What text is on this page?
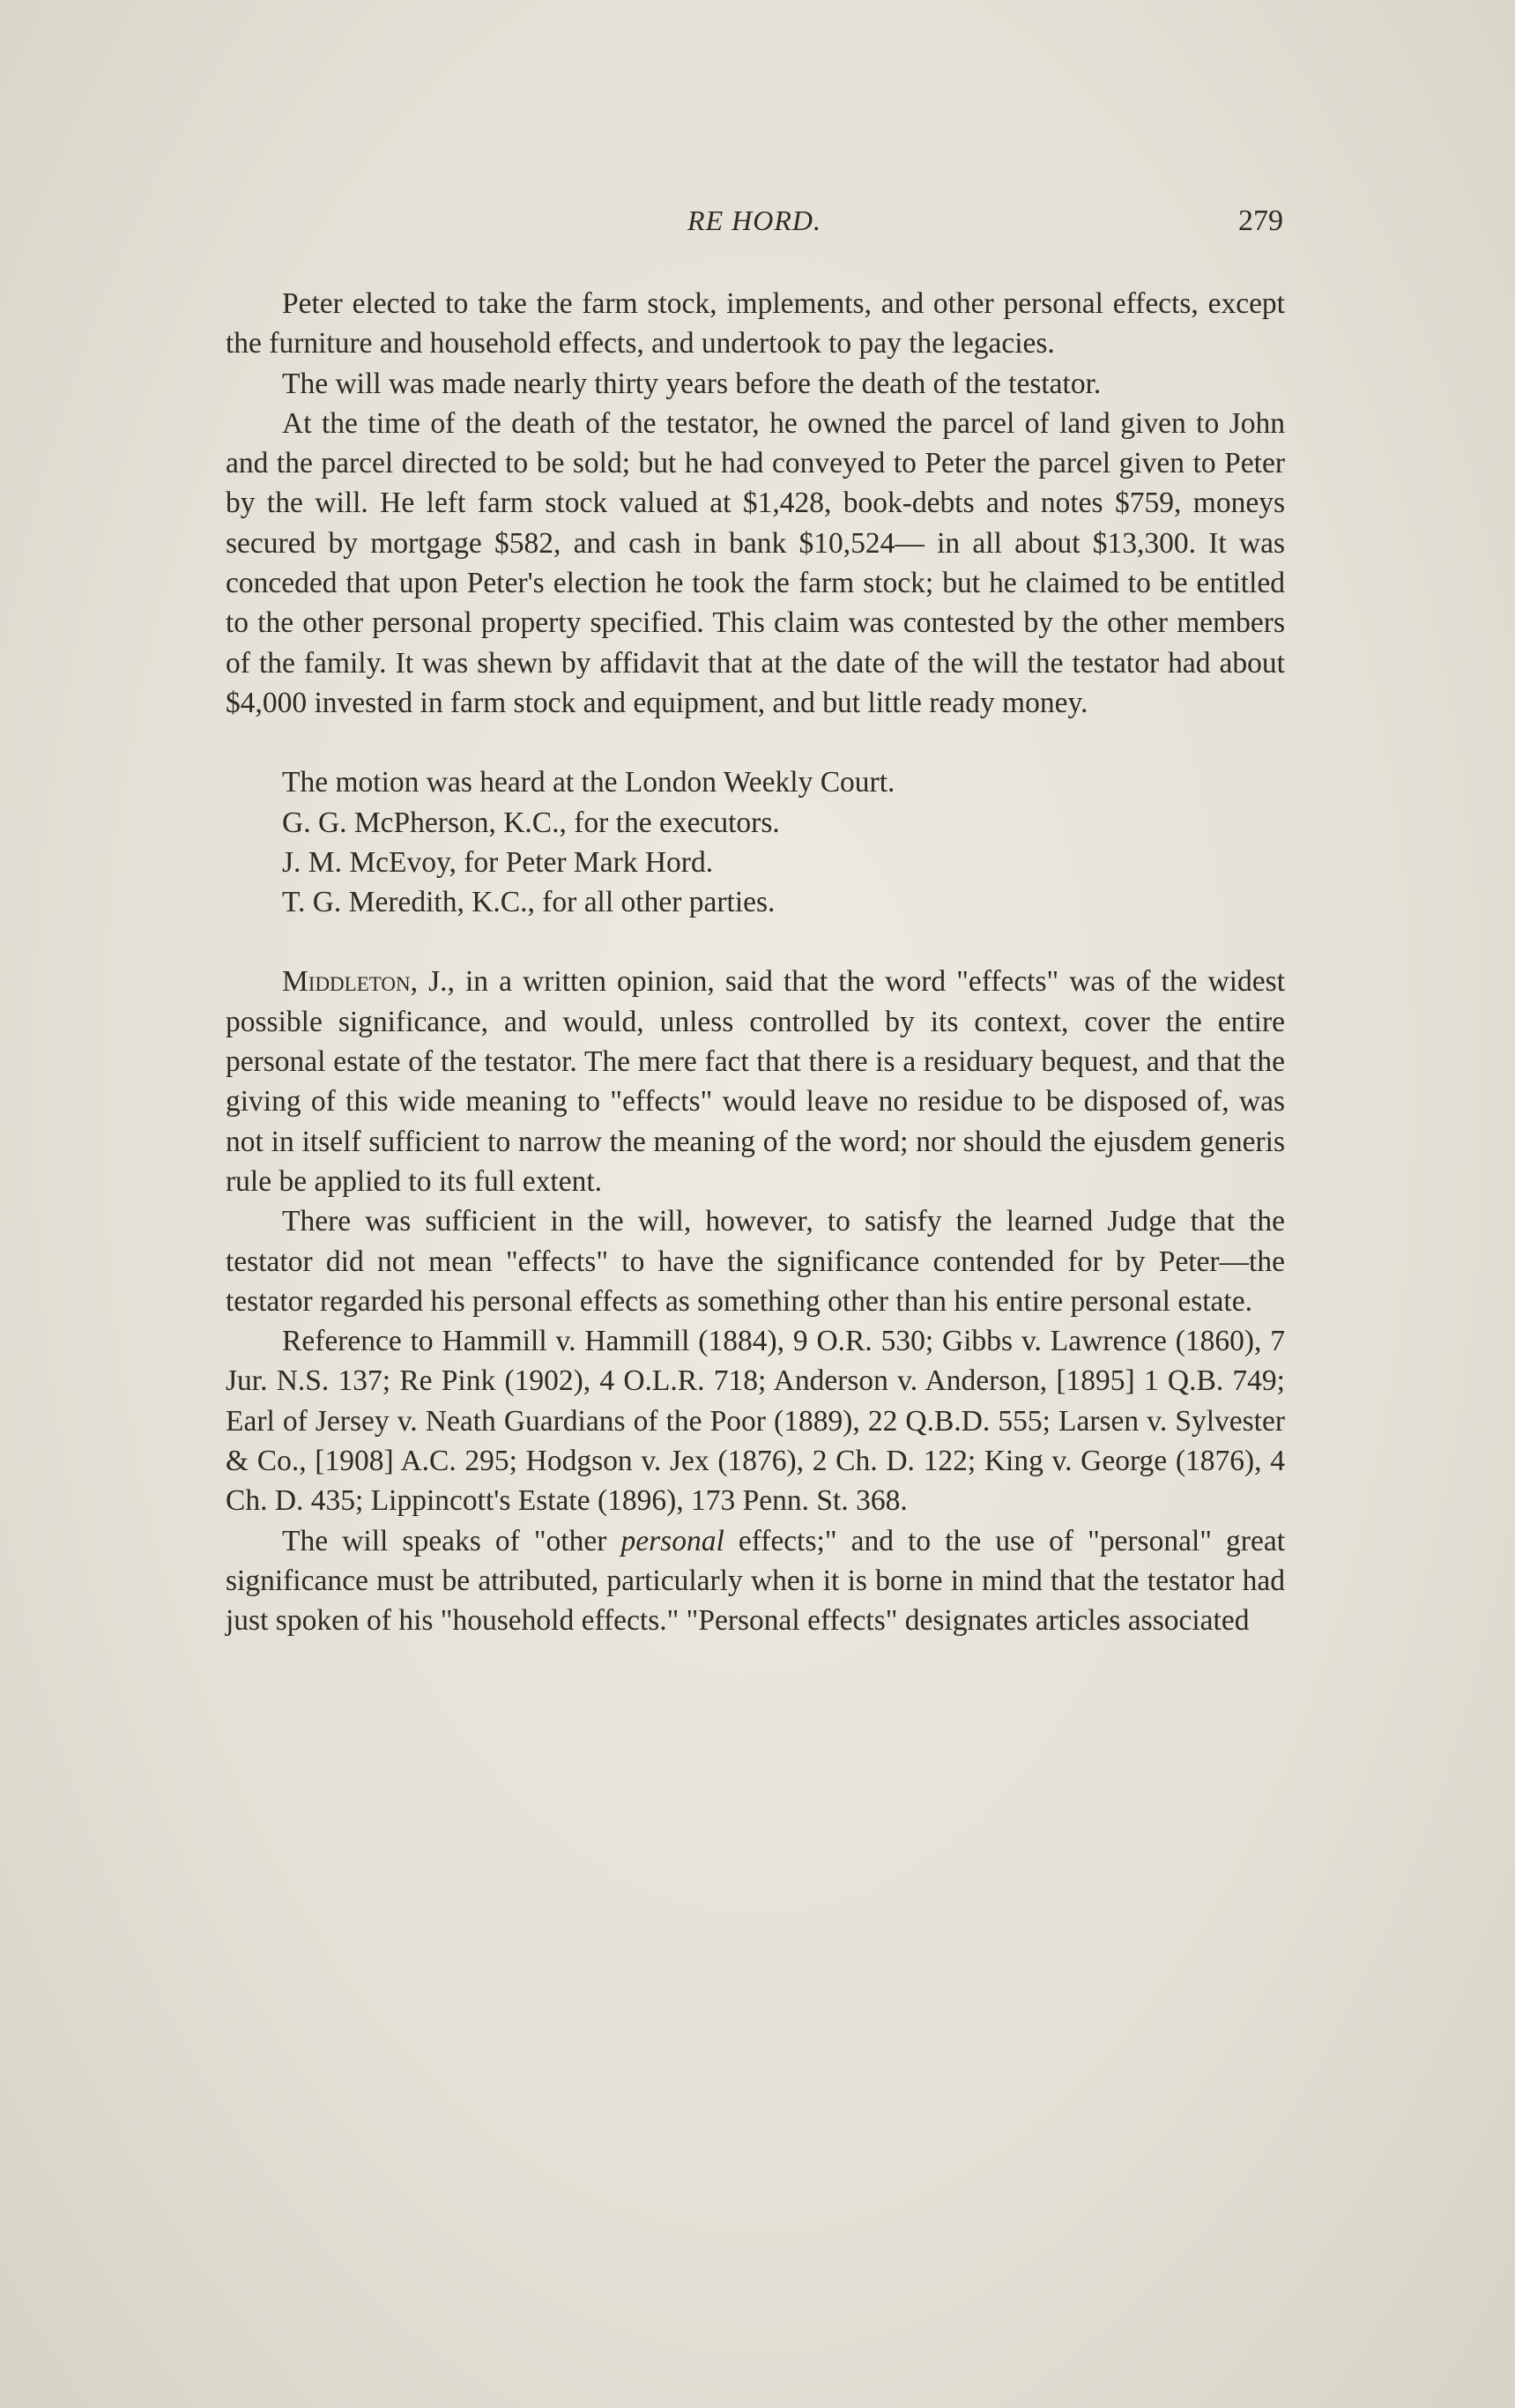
RE HORD.	279

Peter elected to take the farm stock, implements, and other personal effects, except the furniture and household effects, and undertook to pay the legacies.

The will was made nearly thirty years before the death of the testator.

At the time of the death of the testator, he owned the parcel of land given to John and the parcel directed to be sold; but he had conveyed to Peter the parcel given to Peter by the will. He left farm stock valued at $1,428, book-debts and notes $759, moneys secured by mortgage $582, and cash in bank $10,524— in all about $13,300. It was conceded that upon Peter's election he took the farm stock; but he claimed to be entitled to the other personal property specified. This claim was contested by the other members of the family. It was shewn by affidavit that at the date of the will the testator had about $4,000 invested in farm stock and equipment, and but little ready money.

The motion was heard at the London Weekly Court.

G. G. McPherson, K.C., for the executors.

J. M. McEvoy, for Peter Mark Hord.

T. G. Meredith, K.C., for all other parties.

Middleton, J., in a written opinion, said that the word "effects" was of the widest possible significance, and would, unless controlled by its context, cover the entire personal estate of the testator. The mere fact that there is a residuary bequest, and that the giving of this wide meaning to "effects" would leave no residue to be disposed of, was not in itself sufficient to narrow the meaning of the word; nor should the ejusdem generis rule be applied to its full extent.

There was sufficient in the will, however, to satisfy the learned Judge that the testator did not mean "effects" to have the significance contended for by Peter—the testator regarded his personal effects as something other than his entire personal estate.

Reference to Hammill v. Hammill (1884), 9 O.R. 530; Gibbs v. Lawrence (1860), 7 Jur. N.S. 137; Re Pink (1902), 4 O.L.R. 718; Anderson v. Anderson, [1895] 1 Q.B. 749; Earl of Jersey v. Neath Guardians of the Poor (1889), 22 Q.B.D. 555; Larsen v. Sylvester & Co., [1908] A.C. 295; Hodgson v. Jex (1876), 2 Ch. D. 122; King v. George (1876), 4 Ch. D. 435; Lippincott's Estate (1896), 173 Penn. St. 368.

The will speaks of "other personal effects;" and to the use of "personal" great significance must be attributed, particularly when it is borne in mind that the testator had just spoken of his "household effects." "Personal effects" designates articles associated
